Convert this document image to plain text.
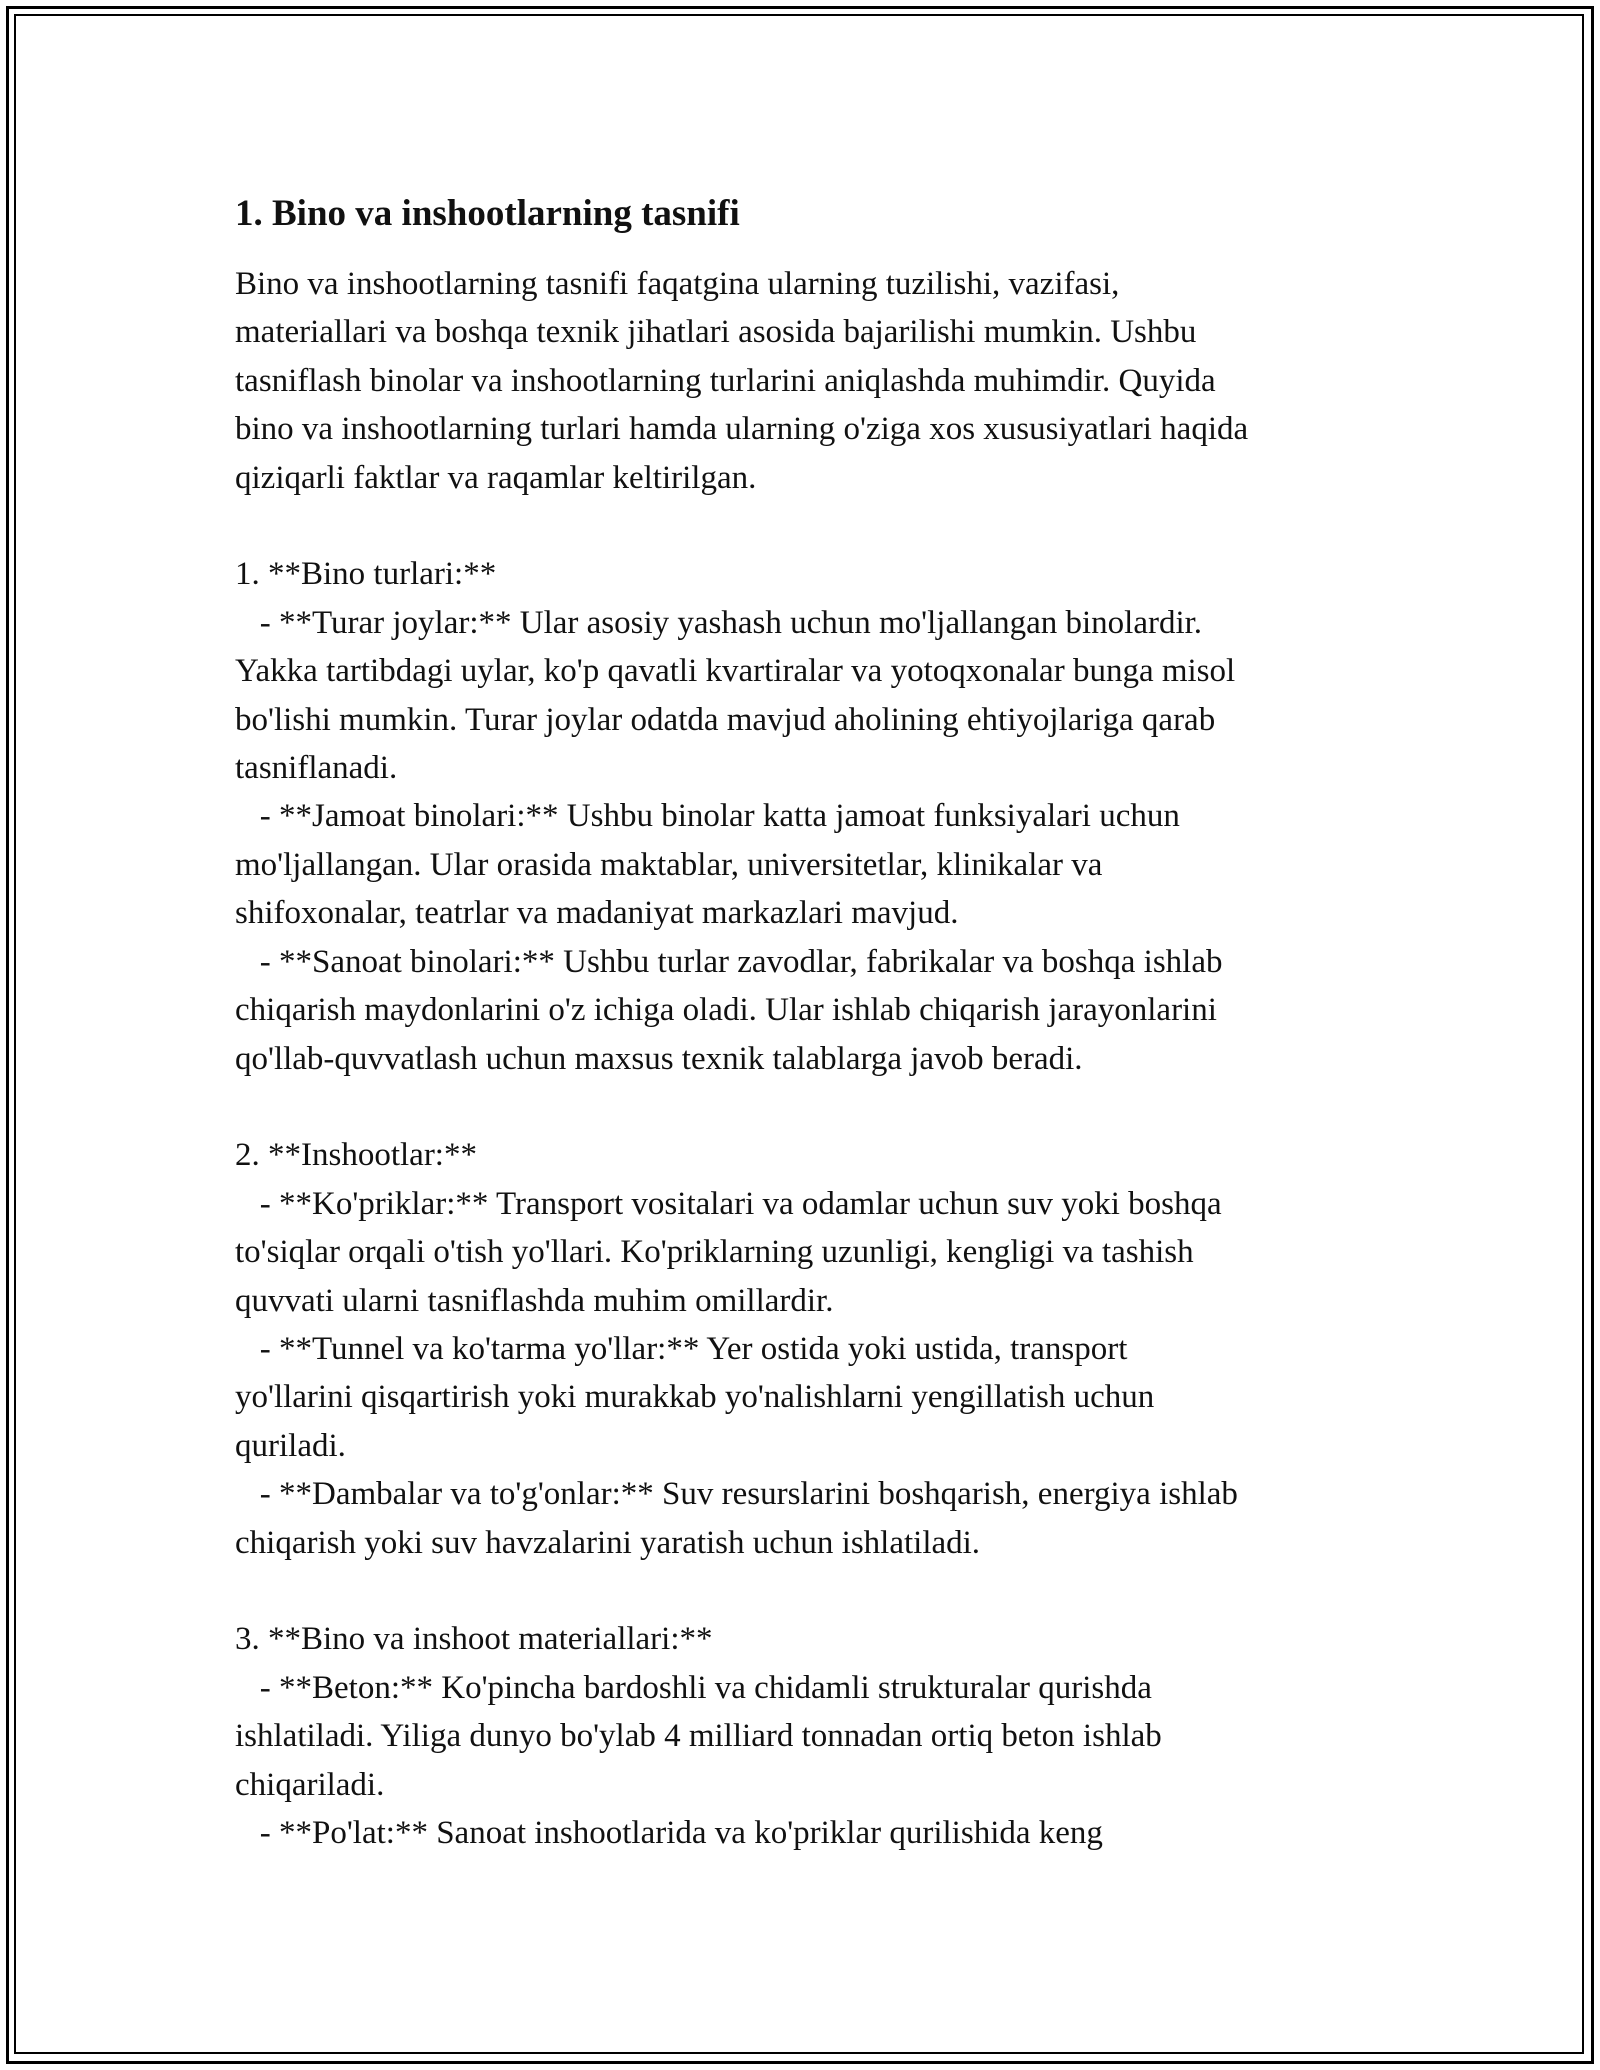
1. Bino va inshootlarning tasnifi
Bino va inshootlarning tasnifi faqatgina ularning tuzilishi, vazifasi,
materiallari va boshqa texnik jihatlari asosida bajarilishi mumkin. Ushbu
tasniflash binolar va inshootlarning turlarini aniqlashda muhimdir. Quyida
bino va inshootlarning turlari hamda ularning o'ziga xos xususiyatlari haqida
qiziqarli faktlar va raqamlar keltirilgan.

1. **Bino turlari:**
- **Turar joylar:** Ular asosiy yashash uchun mo'ljallangan binolardir.
Yakka tartibdagi uylar, ko'p qavatli kvartiralar va yotoqxonalar bunga misol
bo'lishi mumkin. Turar joylar odatda mavjud aholining ehtiyojlariga qarab
tasniflanadi.
- **Jamoat binolari:** Ushbu binolar katta jamoat funksiyalari uchun
mo'ljallangan. Ular orasida maktablar, universitetlar, klinikalar va
shifoxonalar, teatrlar va madaniyat markazlari mavjud.
- **Sanoat binolari:** Ushbu turlar zavodlar, fabrikalar va boshqa ishlab
chiqarish maydonlarini o'z ichiga oladi. Ular ishlab chiqarish jarayonlarini
qo'llab-quvvatlash uchun maxsus texnik talablarga javob beradi.

2. **Inshootlar:**
- **Ko'priklar:** Transport vositalari va odamlar uchun suv yoki boshqa
to'siqlar orqali o'tish yo'llari. Ko'priklarning uzunligi, kengligi va tashish
quvvati ularni tasniflashda muhim omillardir.
- **Tunnel va ko'tarma yo'llar:** Yer ostida yoki ustida, transport
yo'llarini qisqartirish yoki murakkab yo'nalishlarni yengillatish uchun
quriladi.
- **Dambalar va to'g'onlar:** Suv resurslarini boshqarish, energiya ishlab
chiqarish yoki suv havzalarini yaratish uchun ishlatiladi.

3. **Bino va inshoot materiallari:**
- **Beton:** Ko'pincha bardoshli va chidamli strukturalar qurishda
ishlatiladi. Yiliga dunyo bo'ylab 4 milliard tonnadan ortiq beton ishlab
chiqariladi.
- **Po'lat:** Sanoat inshootlarida va ko'priklar qurilishida keng
